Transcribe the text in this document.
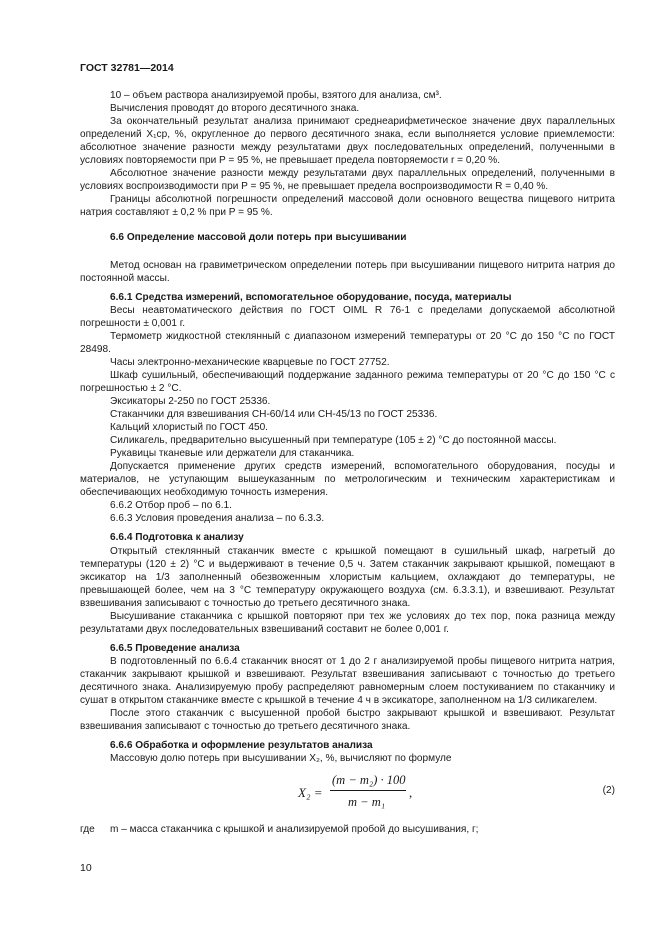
ГОСТ 32781—2014

10 – объем раствора анализируемой пробы, взятого для анализа, см³.

Вычисления проводят до второго десятичного знака.

За окончательный результат анализа принимают среднеарифметическое значение двух параллельных определений X₁ср, %, округленное до первого десятичного знака, если выполняется условие приемлемости: абсолютное значение разности между результатами двух последовательных определений, полученными в условиях повторяемости при P = 95 %, не превышает предела повторяемости r = 0,20 %.

Абсолютное значение разности между результатами двух параллельных определений, полученными в условиях воспроизводимости при P = 95 %, не превышает предела воспроизводимости R = 0,40 %.

Границы абсолютной погрешности определений массовой доли основного вещества пищевого нитрита натрия составляют ± 0,2 % при P = 95 %.

6.6 Определение массовой доли потерь при высушивании

Метод основан на гравиметрическом определении потерь при высушивании пищевого нитрита натрия до постоянной массы.

6.6.1 Средства измерений, вспомогательное оборудование, посуда, материалы

Весы неавтоматического действия по ГОСТ OIML R 76-1 с пределами допускаемой абсолютной погрешности ± 0,001 г.

Термометр жидкостной стеклянный с диапазоном измерений температуры от 20 °С до 150 °С по ГОСТ 28498.

Часы электронно-механические кварцевые по ГОСТ 27752.

Шкаф сушильный, обеспечивающий поддержание заданного режима температуры от 20 °С до 150 °С с погрешностью ± 2 °С.

Эксикаторы 2-250 по ГОСТ 25336.

Стаканчики для взвешивания СН-60/14 или СН-45/13 по ГОСТ 25336.

Кальций хлористый по ГОСТ 450.

Силикагель, предварительно высушенный при температуре (105 ± 2) °С до постоянной массы.

Рукавицы тканевые или держатели для стаканчика.

Допускается применение других средств измерений, вспомогательного оборудования, посуды и материалов, не уступающим вышеуказанным по метрологическим и техническим характеристикам и обеспечивающих необходимую точность измерения.

6.6.2 Отбор проб – по 6.1.

6.6.3 Условия проведения анализа – по 6.3.3.

6.6.4 Подготовка к анализу

Открытый стеклянный стаканчик вместе с крышкой помещают в сушильный шкаф, нагретый до температуры (120 ± 2) °С и выдерживают в течение 0,5 ч. Затем стаканчик закрывают крышкой, помещают в эксикатор на 1/3 заполненный обезвоженным хлористым кальцием, охлаждают до температуры, не превышающей более, чем на 3 °С температуру окружающего воздуха (см. 6.3.3.1), и взвешивают. Результат взвешивания записывают с точностью до третьего десятичного знака.

Высушивание стаканчика с крышкой повторяют при тех же условиях до тех пор, пока разница между результатами двух последовательных взвешиваний составит не более 0,001 г.

6.6.5 Проведение анализа

В подготовленный по 6.6.4 стаканчик вносят от 1 до 2 г анализируемой пробы пищевого нитрита натрия, стаканчик закрывают крышкой и взвешивают. Результат взвешивания записывают с точностью до третьего десятичного знака. Анализируемую пробу распределяют равномерным слоем постукиванием по стаканчику и сушат в открытом стаканчике вместе с крышкой в течение 4 ч в эксикаторе, заполненном на 1/3 силикагелем.

После этого стаканчик с высушенной пробой быстро закрывают крышкой и взвешивают. Результат взвешивания записывают с точностью до третьего десятичного знака.

6.6.6 Обработка и оформление результатов анализа

Массовую долю потерь при высушивании X₂, %, вычисляют по формуле

X₂ =
(m − m₂) · 100
m − m₁
,	(2)

где m – масса стаканчика с крышкой и анализируемой пробой до высушивания, г;

10
